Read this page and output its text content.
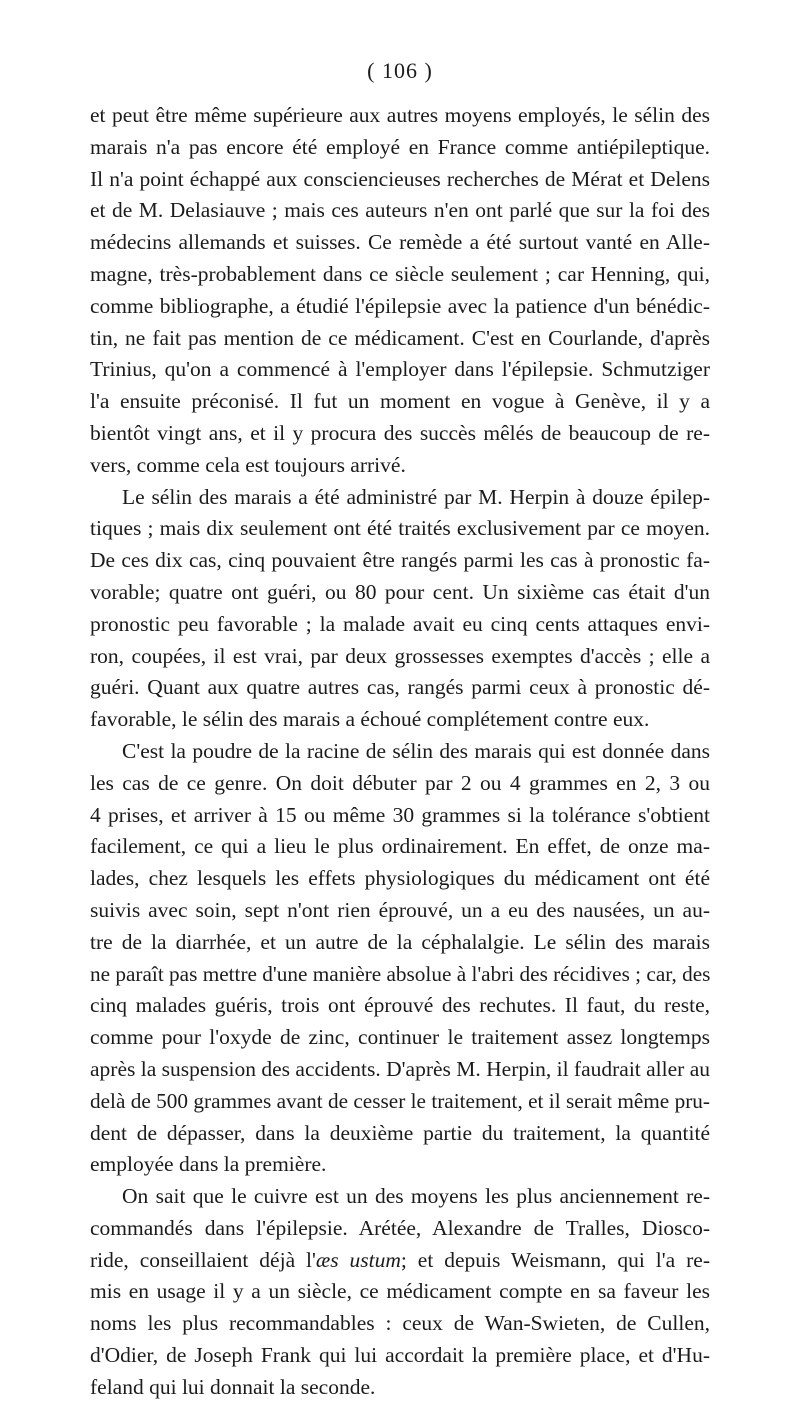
( 106 )
et peut être même supérieure aux autres moyens employés, le sélin des
marais n'a pas encore été employé en France comme antiépileptique.
Il n'a point échappé aux consciencieuses recherches de Mérat et Delens
et de M. Delasiauve ; mais ces auteurs n'en ont parlé que sur la foi des
médecins allemands et suisses. Ce remède a été surtout vanté en Alle-
magne, très-probablement dans ce siècle seulement ; car Henning, qui,
comme bibliographe, a étudié l'épilepsie avec la patience d'un bénédic-
tin, ne fait pas mention de ce médicament. C'est en Courlande, d'après
Trinius, qu'on a commencé à l'employer dans l'épilepsie. Schmutziger
l'a ensuite préconisé. Il fut un moment en vogue à Genève, il y a
bientôt vingt ans, et il y procura des succès mêlés de beaucoup de re-
vers, comme cela est toujours arrivé.
Le sélin des marais a été administré par M. Herpin à douze épilep-
tiques ; mais dix seulement ont été traités exclusivement par ce moyen.
De ces dix cas, cinq pouvaient être rangés parmi les cas à pronostic fa-
vorable; quatre ont guéri, ou 80 pour cent. Un sixième cas était d'un
pronostic peu favorable ; la malade avait eu cinq cents attaques envi-
ron, coupées, il est vrai, par deux grossesses exemptes d'accès ; elle a
guéri. Quant aux quatre autres cas, rangés parmi ceux à pronostic dé-
favorable, le sélin des marais a échoué complétement contre eux.
C'est la poudre de la racine de sélin des marais qui est donnée dans
les cas de ce genre. On doit débuter par 2 ou 4 grammes en 2, 3 ou
4 prises, et arriver à 15 ou même 30 grammes si la tolérance s'obtient
facilement, ce qui a lieu le plus ordinairement. En effet, de onze ma-
lades, chez lesquels les effets physiologiques du médicament ont été
suivis avec soin, sept n'ont rien éprouvé, un a eu des nausées, un au-
tre de la diarrhée, et un autre de la céphalalgie. Le sélin des marais
ne paraît pas mettre d'une manière absolue à l'abri des récidives ; car, des
cinq malades guéris, trois ont éprouvé des rechutes. Il faut, du reste,
comme pour l'oxyde de zinc, continuer le traitement assez longtemps
après la suspension des accidents. D'après M. Herpin, il faudrait aller au
delà de 500 grammes avant de cesser le traitement, et il serait même pru-
dent de dépasser, dans la deuxième partie du traitement, la quantité
employée dans la première.
On sait que le cuivre est un des moyens les plus anciennement re-
commandés dans l'épilepsie. Arétée, Alexandre de Tralles, Diosco-
ride, conseillaient déjà l'æs ustum; et depuis Weismann, qui l'a re-
mis en usage il y a un siècle, ce médicament compte en sa faveur les
noms les plus recommandables : ceux de Wan-Swieten, de Cullen,
d'Odier, de Joseph Frank qui lui accordait la première place, et d'Hu-
feland qui lui donnait la seconde.
